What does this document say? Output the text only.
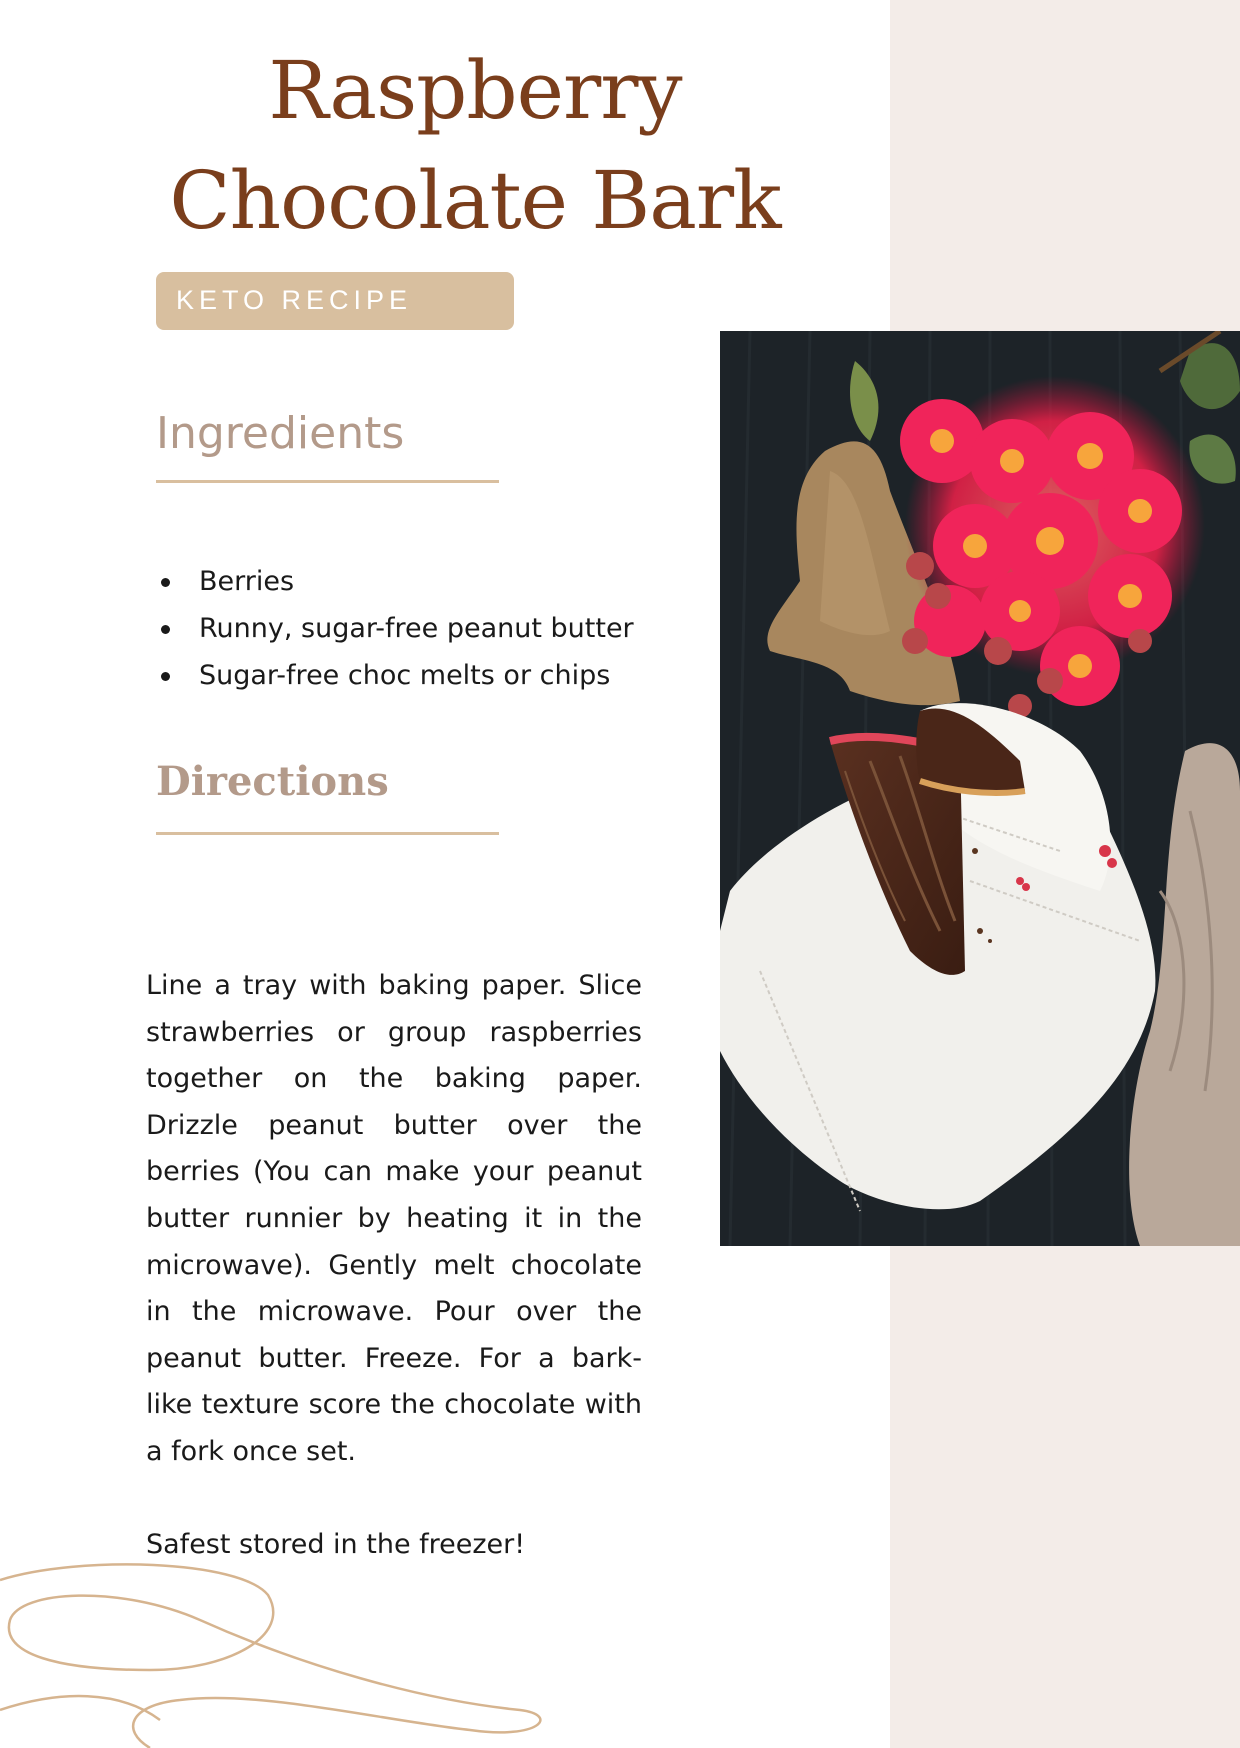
Raspberry Chocolate Bark
KETO RECIPE
Ingredients
Berries
Runny, sugar-free peanut butter
Sugar-free choc melts or chips
Directions

Line a tray with baking paper. Slice strawberries or group raspberries together on the baking paper. Drizzle peanut butter over the berries (You can make your peanut butter runnier by heating it in the microwave). Gently melt chocolate in the microwave. Pour over the peanut butter. Freeze. For a bark-like texture score the chocolate with a fork once set.

Safest stored in the freezer!
